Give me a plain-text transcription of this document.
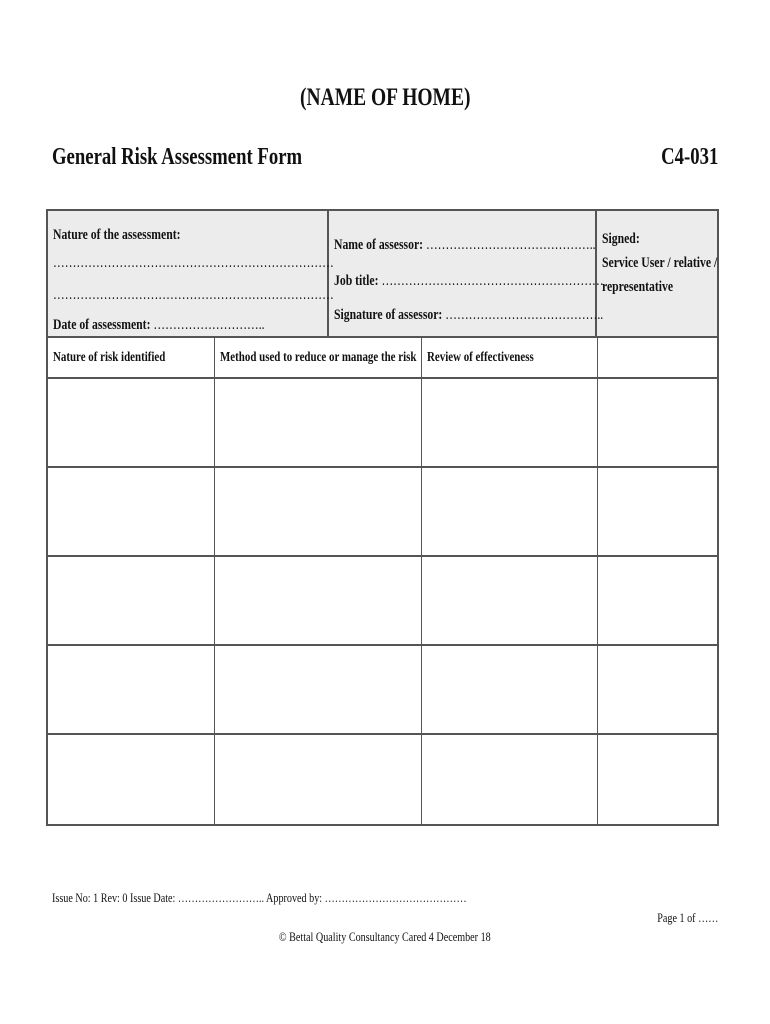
(NAME OF HOME)
General Risk Assessment Form	C4-031
Nature of the assessment:
………………………………………………………………
………………………………………………………………
Date of assessment: ………………………..
Name of assessor: ……………………………………..
Job title: …………………………………………………
Signature of assessor: …………………………………..
Signed:
Service User / relative /
representative
Nature of risk identified	Method used to reduce or manage the risk Review of effectiveness
Issue No: 1 Rev: 0 Issue Date: …………………….. Approved by: ……………………………………
Page 1 of ……
© Bettal Quality Consultancy Cared 4 December 18
